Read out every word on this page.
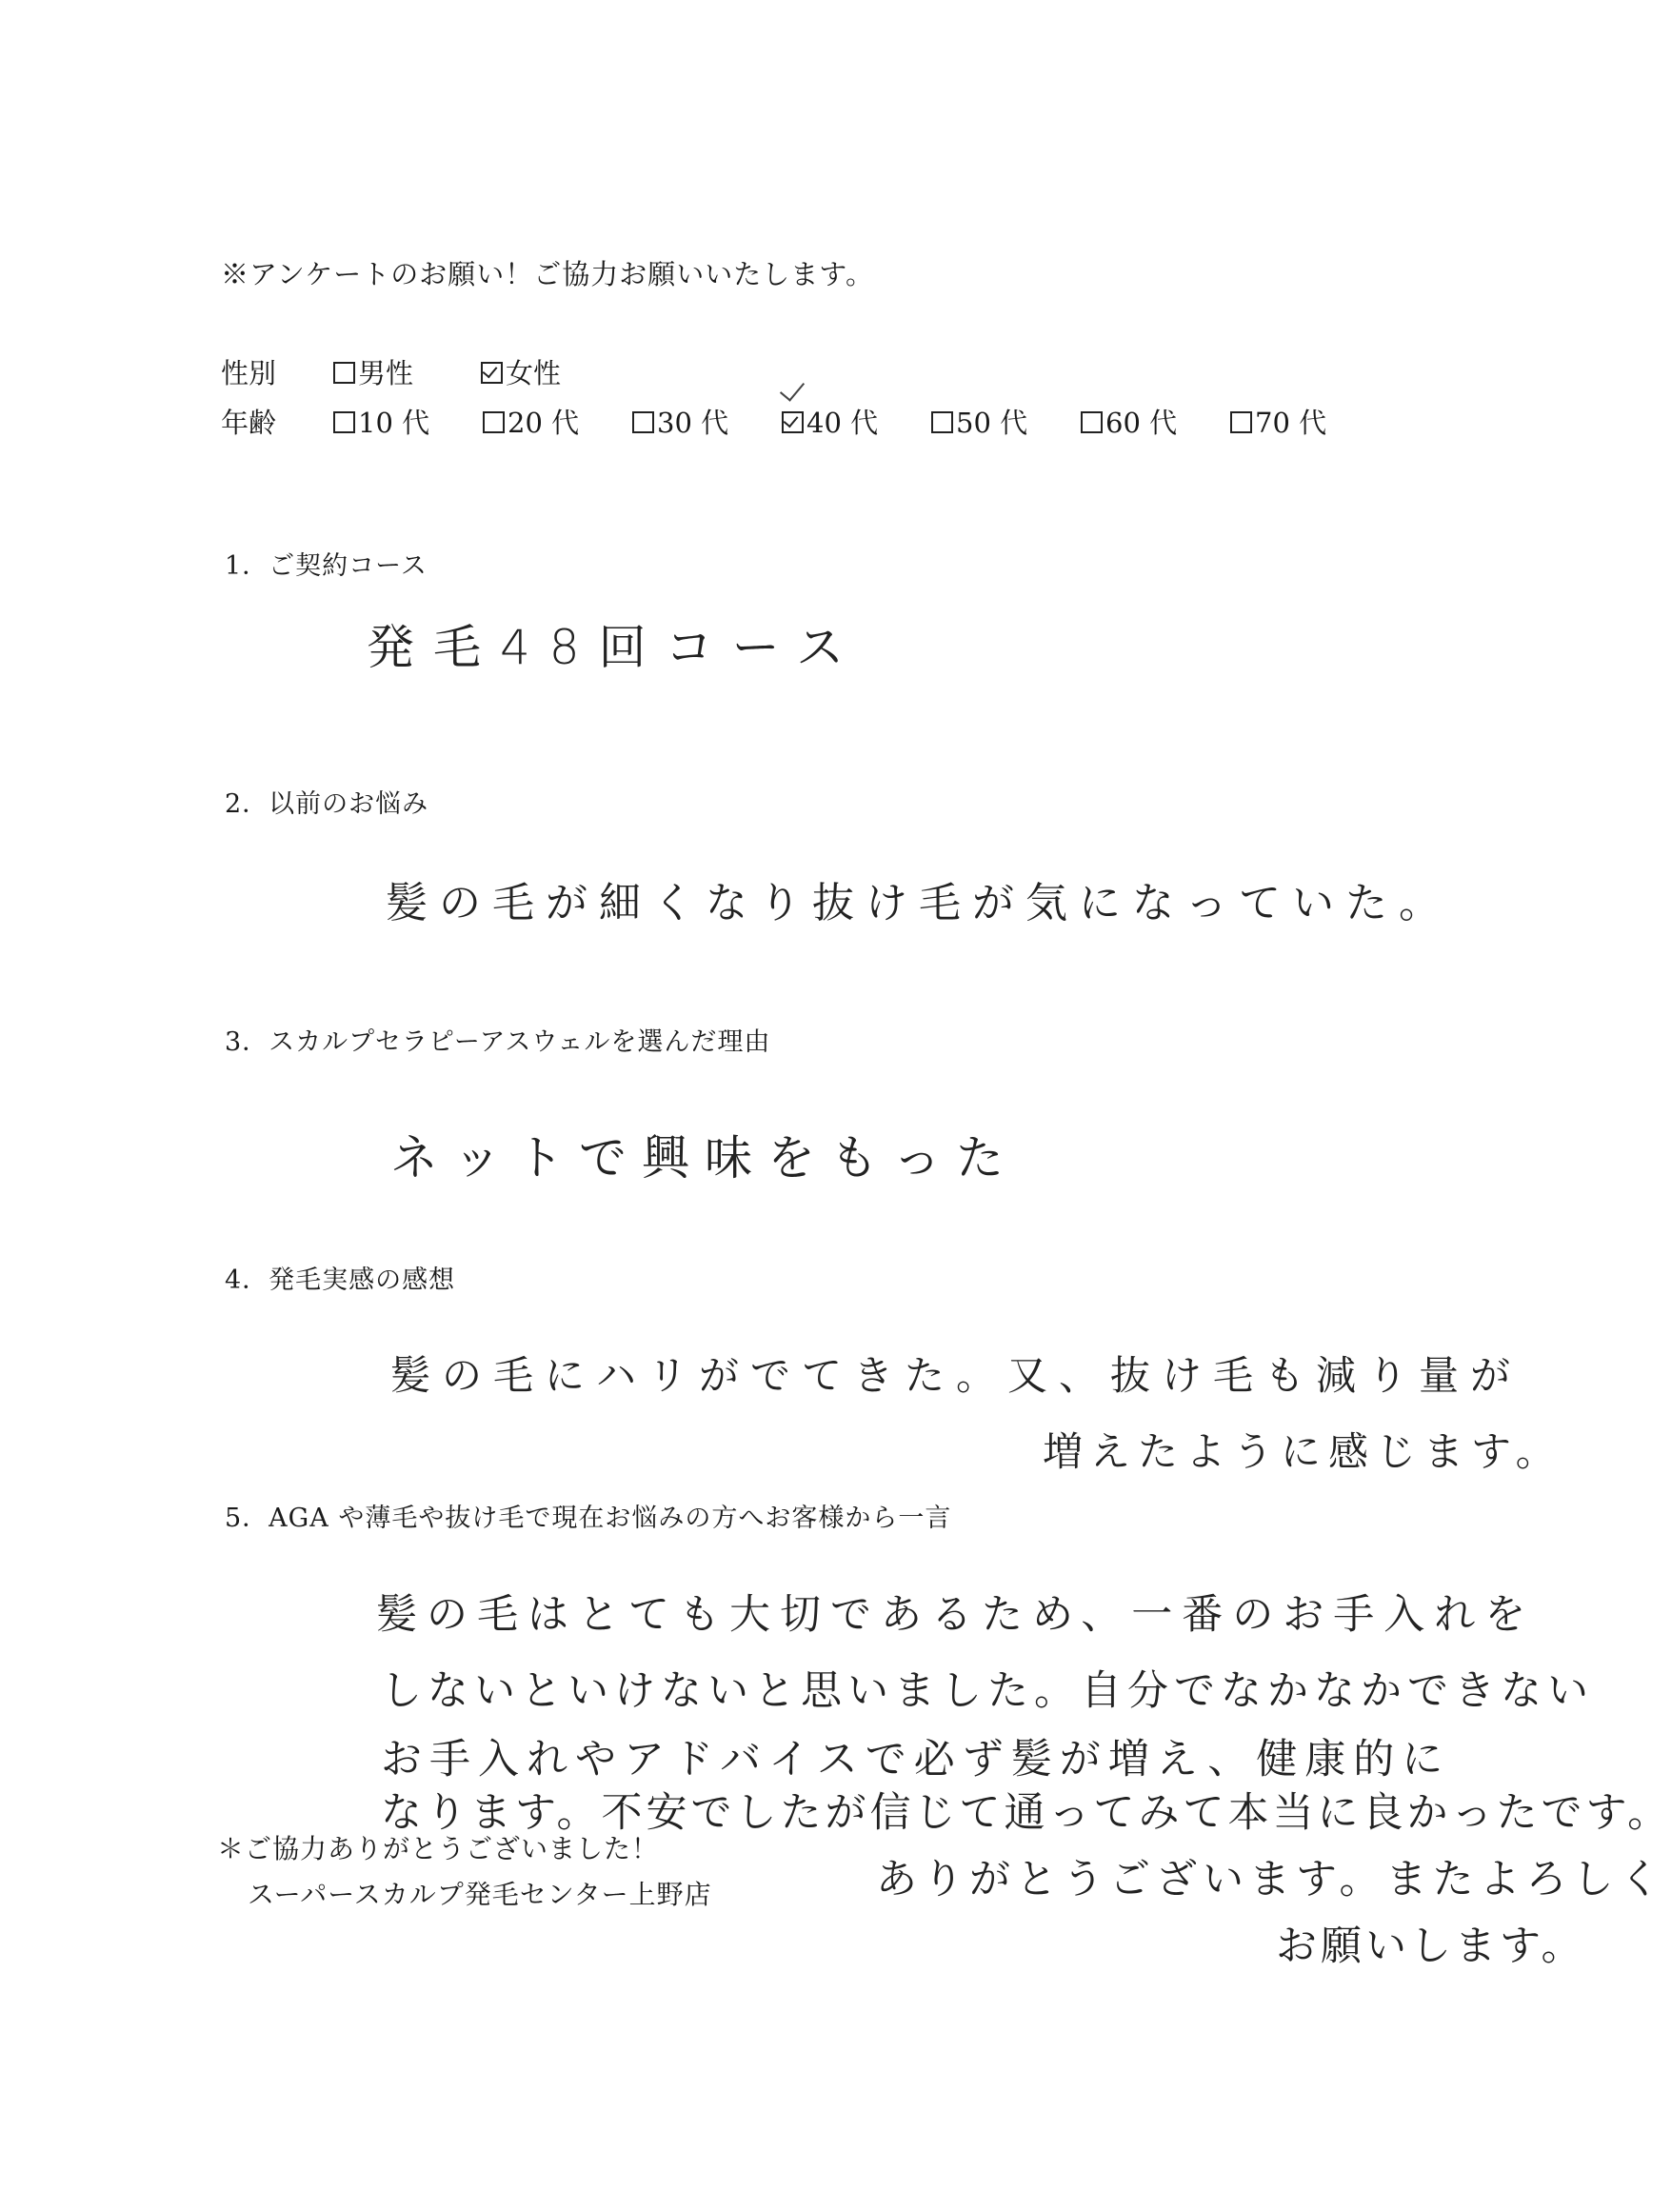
※アンケートのお願い！ご協力お願いいたします。
性別	男性	女性
年齢	10 代	20 代	30 代	40 代	50 代	60 代	70 代
1．ご契約コース
発毛48回コース
2．以前のお悩み
髪の毛が細くなり抜け毛が気になっていた。
3．スカルプセラピーアスウェルを選んだ理由
ネットで興味をもった
4．発毛実感の感想
髪の毛にハリがでてきた。又、抜け毛も減り量が
増えたように感じます。
5．AGA や薄毛や抜け毛で現在お悩みの方へお客様から一言
髪の毛はとても大切であるため、一番のお手入れを
しないといけないと思いました。自分でなかなかできない
お手入れやアドバイスで必ず髪が増え、健康的に
なります。不安でしたが信じて通ってみて本当に良かったです。
ありがとうございます。またよろしく
お願いします。
＊ご協力ありがとうございました！
スーパースカルプ発毛センター上野店
